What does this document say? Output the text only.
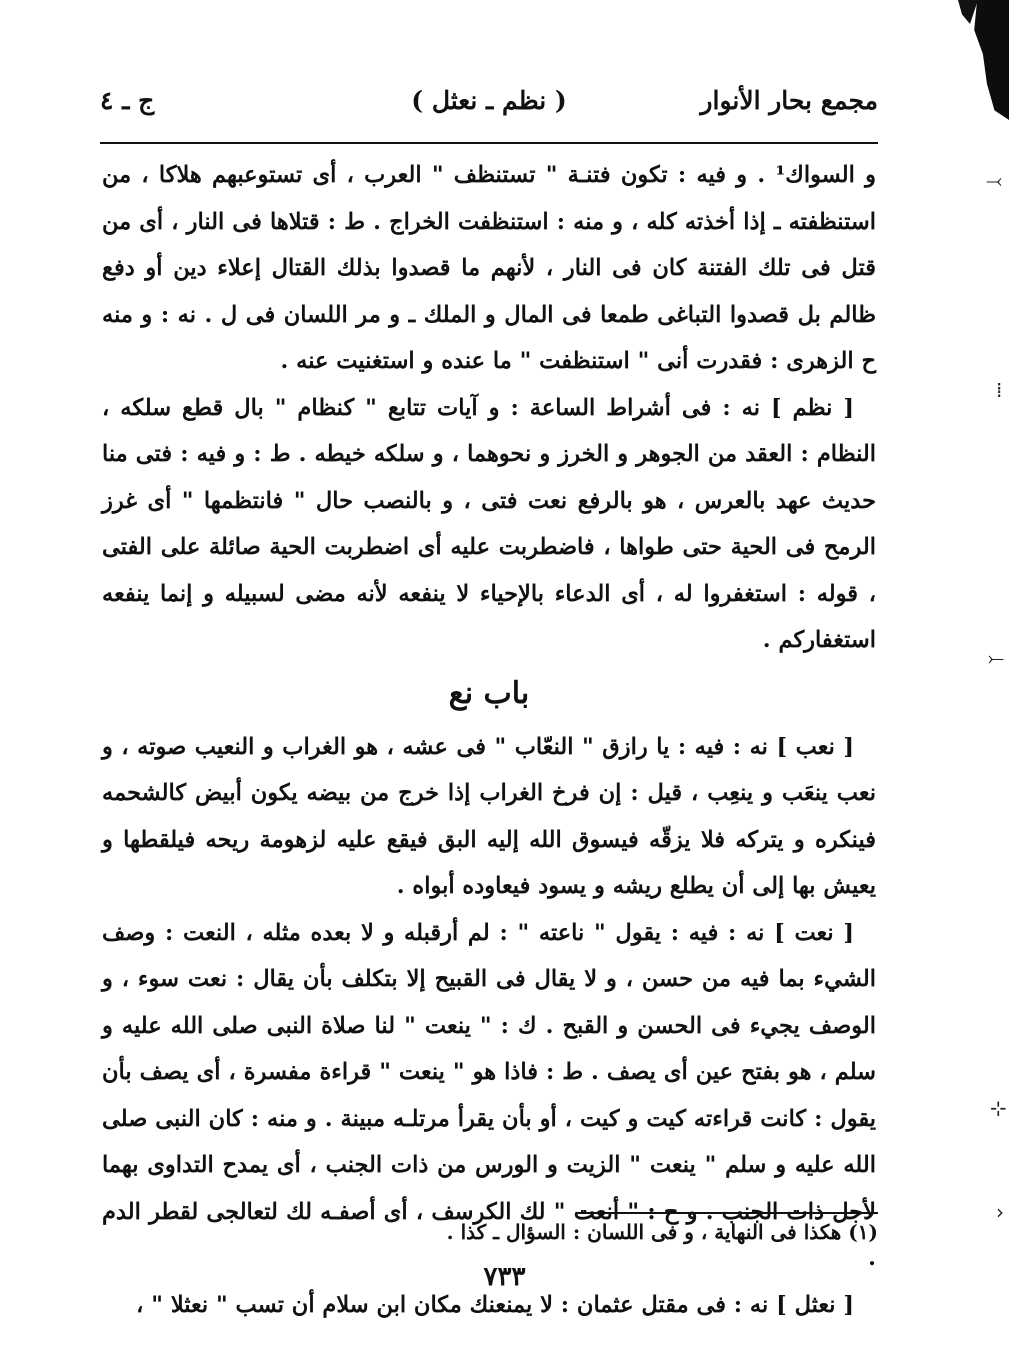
مجمع بحار الأنوار
( نظم ـ نعثل )
ج ـ ٤

و السواك¹ . و فيه : تكون فتنـة " تستنظف " العرب ، أى تستوعبهم هلاكا ، من استنظفته ـ إذا أخذته كله ، و منه : استنظفت الخراج . ط : قتلاها فى النار ، أى من قتل فى تلك الفتنة كان فى النار ، لأنهم ما قصدوا بذلك القتال إعلاء دين أو دفع ظالم بل قصدوا التباغى طمعا فى المال و الملك ـ و مر اللسان فى ل . نه : و منه ح الزهرى : فقدرت أنى " استنظفت " ما عنده و استغنيت عنه .

[ نظم ] نه : فى أشراط الساعة : و آيات تتابع " كنظام " بال قطع سلكه ، النظام : العقد من الجوهر و الخرز و نحوهما ، و سلكه خيطه . ط : و فيه : فتى منا حديث عهد بالعرس ، هو بالرفع نعت فتى ، و بالنصب حال " فانتظمها " أى غرز الرمح فى الحية حتى طواها ، فاضطربت عليه أى اضطربت الحية صائلة على الفتى ، قوله : استغفروا له ، أى الدعاء بالإحياء لا ينفعه لأنه مضى لسبيله و إنما ينفعه استغفاركم .

باب نع

[ نعب ] نه : فيه : يا رازق " النعّاب " فى عشه ، هو الغراب و النعيب صوته ، و نعب ينعَب و ينعِب ، قيل : إن فرخ الغراب إذا خرج من بيضه يكون أبيض كالشحمه فينكره و يتركه فلا يزقّه فيسوق الله إليه البق فيقع عليه لزهومة ريحه فيلقطها و يعيش بها إلى أن يطلع ريشه و يسود فيعاوده أبواه .

[ نعت ] نه : فيه : يقول " ناعته " : لم أرقبله و لا بعده مثله ، النعت : وصف الشيء بما فيه من حسن ، و لا يقال فى القبيح إلا بتكلف بأن يقال : نعت سوء ، و الوصف يجيء فى الحسن و القبح . ك : " ينعت " لنا صلاة النبى صلى الله عليه و سلم ، هو بفتح عين أى يصف . ط : فاذا هو " ينعت " قراءة مفسرة ، أى يصف بأن يقول : كانت قراءته كيت و كيت ، أو بأن يقرأ مرتلـه مبينة . و منه : كان النبى صلى الله عليه و سلم " ينعت " الزيت و الورس من ذات الجنب ، أى يمدح التداوى بهما لأجل ذات الجنب . و ح : " أنعت " لك الكرسف ، أى أصفـه لك لتعالجى لقطر الدم .

[ نعثل ] نه : فى مقتل عثمان : لا يمنعنك مكان ابن سلام أن تسب " نعثلا " ،

(١) هكذا فى النهاية ، و فى اللسان : السؤال ـ كذا .
٧٣٣
⤙
⁞
⤚
⊹
›
